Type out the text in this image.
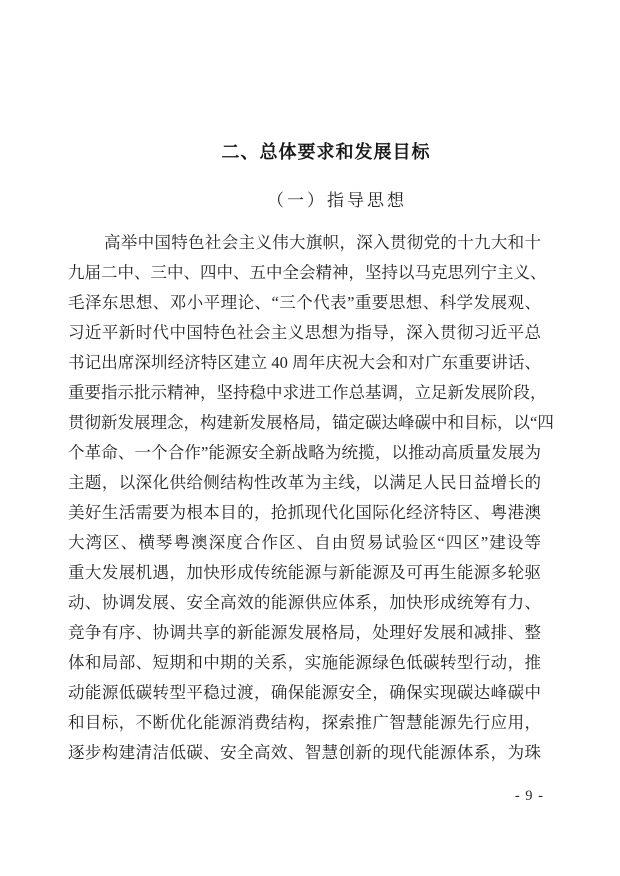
二、总体要求和发展目标
（一）指导思想
高举中国特色社会主义伟大旗帜，深入贯彻党的十九大和十
九届二中、三中、四中、五中全会精神，坚持以马克思列宁主义、
毛泽东思想、邓小平理论、“三个代表”重要思想、科学发展观、
习近平新时代中国特色社会主义思想为指导，深入贯彻习近平总
书记出席深圳经济特区建立 40 周年庆祝大会和对广东重要讲话、
重要指示批示精神，坚持稳中求进工作总基调，立足新发展阶段，
贯彻新发展理念，构建新发展格局，锚定碳达峰碳中和目标，以“四
个革命、一个合作”能源安全新战略为统揽，以推动高质量发展为
主题，以深化供给侧结构性改革为主线，以满足人民日益增长的
美好生活需要为根本目的，抢抓现代化国际化经济特区、粤港澳
大湾区、横琴粤澳深度合作区、自由贸易试验区“四区”建设等
重大发展机遇，加快形成传统能源与新能源及可再生能源多轮驱
动、协调发展、安全高效的能源供应体系，加快形成统筹有力、
竞争有序、协调共享的新能源发展格局，处理好发展和减排、整
体和局部、短期和中期的关系，实施能源绿色低碳转型行动，推
动能源低碳转型平稳过渡，确保能源安全，确保实现碳达峰碳中
和目标，不断优化能源消费结构，探索推广智慧能源先行应用，
逐步构建清洁低碳、安全高效、智慧创新的现代能源体系，为珠
- 9 -
